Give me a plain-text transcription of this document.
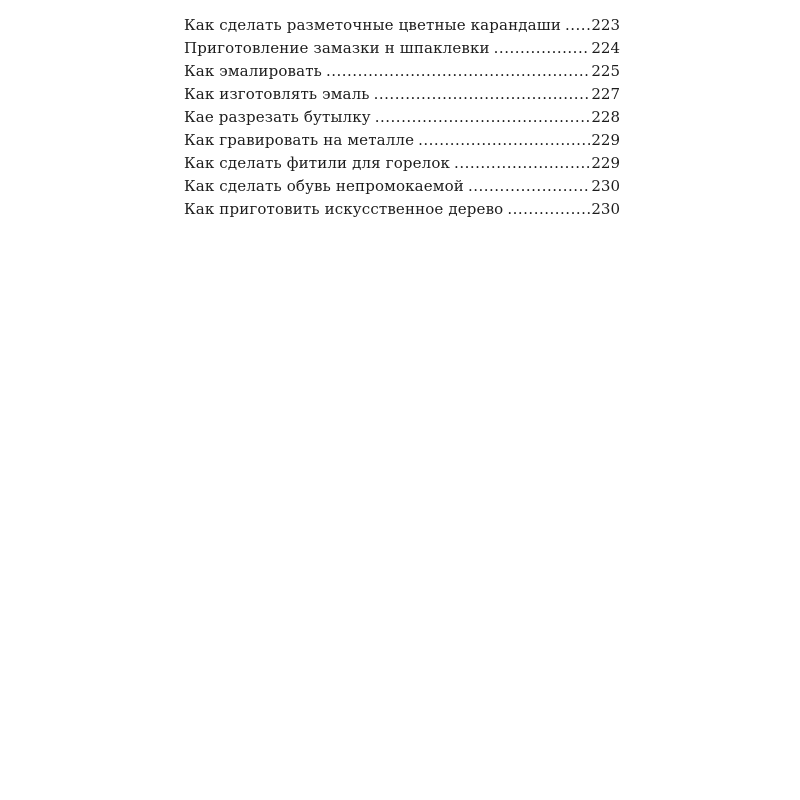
Как сделать разметочные цветные карандаши ..... 223
Приготовление замазки н шпаклевки .....	224
Как эмалировать .....	225
Как изготовлять эмаль .....	227
Кае разрезать бутылку .....	228
Как гравировать на металле .....	229
Как сделать фитили для горелок .....	229
Как сделать обувь непромокаемой .....	230
Как приготовить искусственное дерево .....	230
